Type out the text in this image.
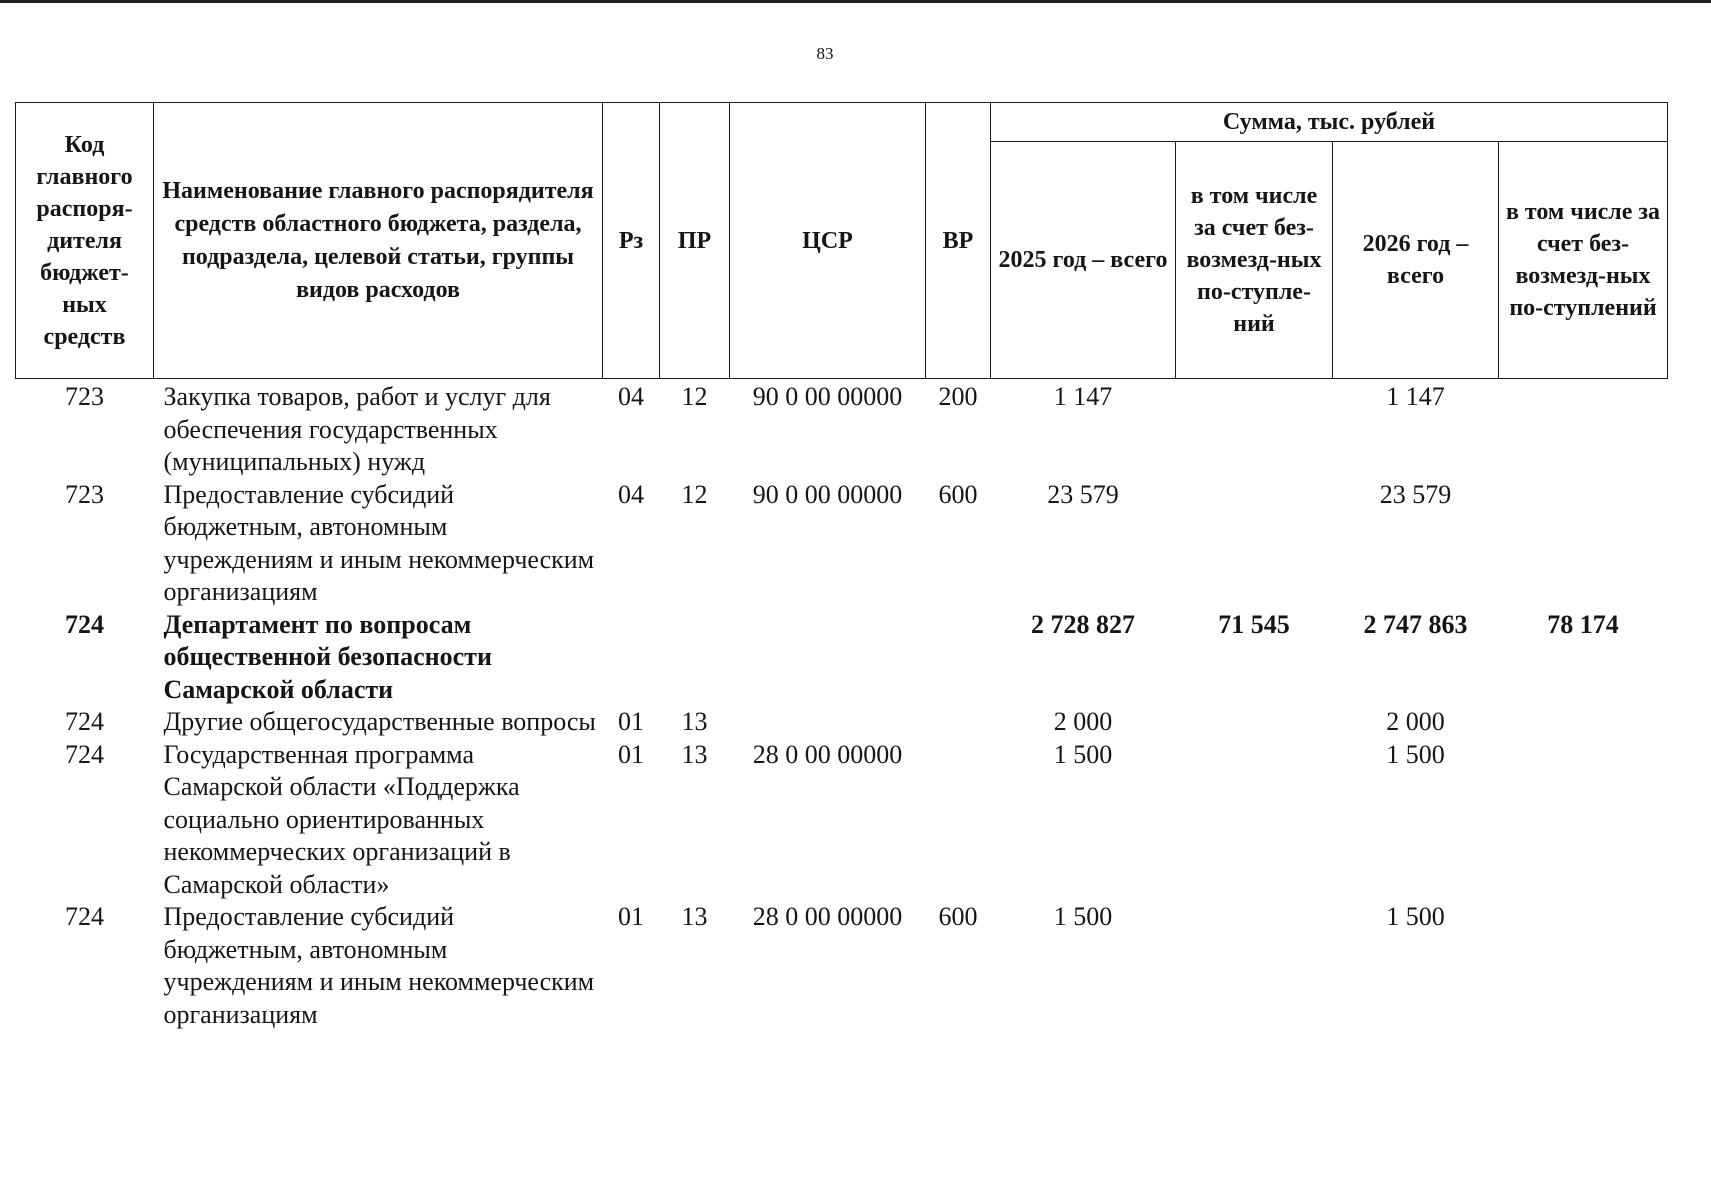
83
Код главного распоря-дителя бюджет-ных средств	Наименование главного распорядителя средств областного бюджета, раздела, подраздела, целевой статьи, группы видов расходов	Рз	ПР	ЦСР	ВР	Сумма, тыс. рублей			
						2025 год – всего	в том числе за счет без-возмезд-ных по-ступле-ний	2026 год – всего	в том числе за счет без-возмезд-ных по-ступлений
723	Закупка товаров, работ и услуг для обеспечения государственных (муниципальных) нужд	04	12	90 0 00 00000	200	1 147		1 147	
723	Предоставление субсидий бюджетным, автономным учреждениям и иным некоммерческим организациям	04	12	90 0 00 00000	600	23 579		23 579	
724	Департамент по вопросам общественной безопасности Самарской области					2 728 827	71 545	2 747 863	78 174
724	Другие общегосударственные вопросы	01	13			2 000		2 000	
724	Государственная программа Самарской области «Поддержка социально ориентированных некоммерческих организаций в Самарской области»	01	13	28 0 00 00000		1 500		1 500	
724	Предоставление субсидий бюджетным, автономным учреждениям и иным некоммерческим организациям	01	13	28 0 00 00000	600	1 500		1 500	
